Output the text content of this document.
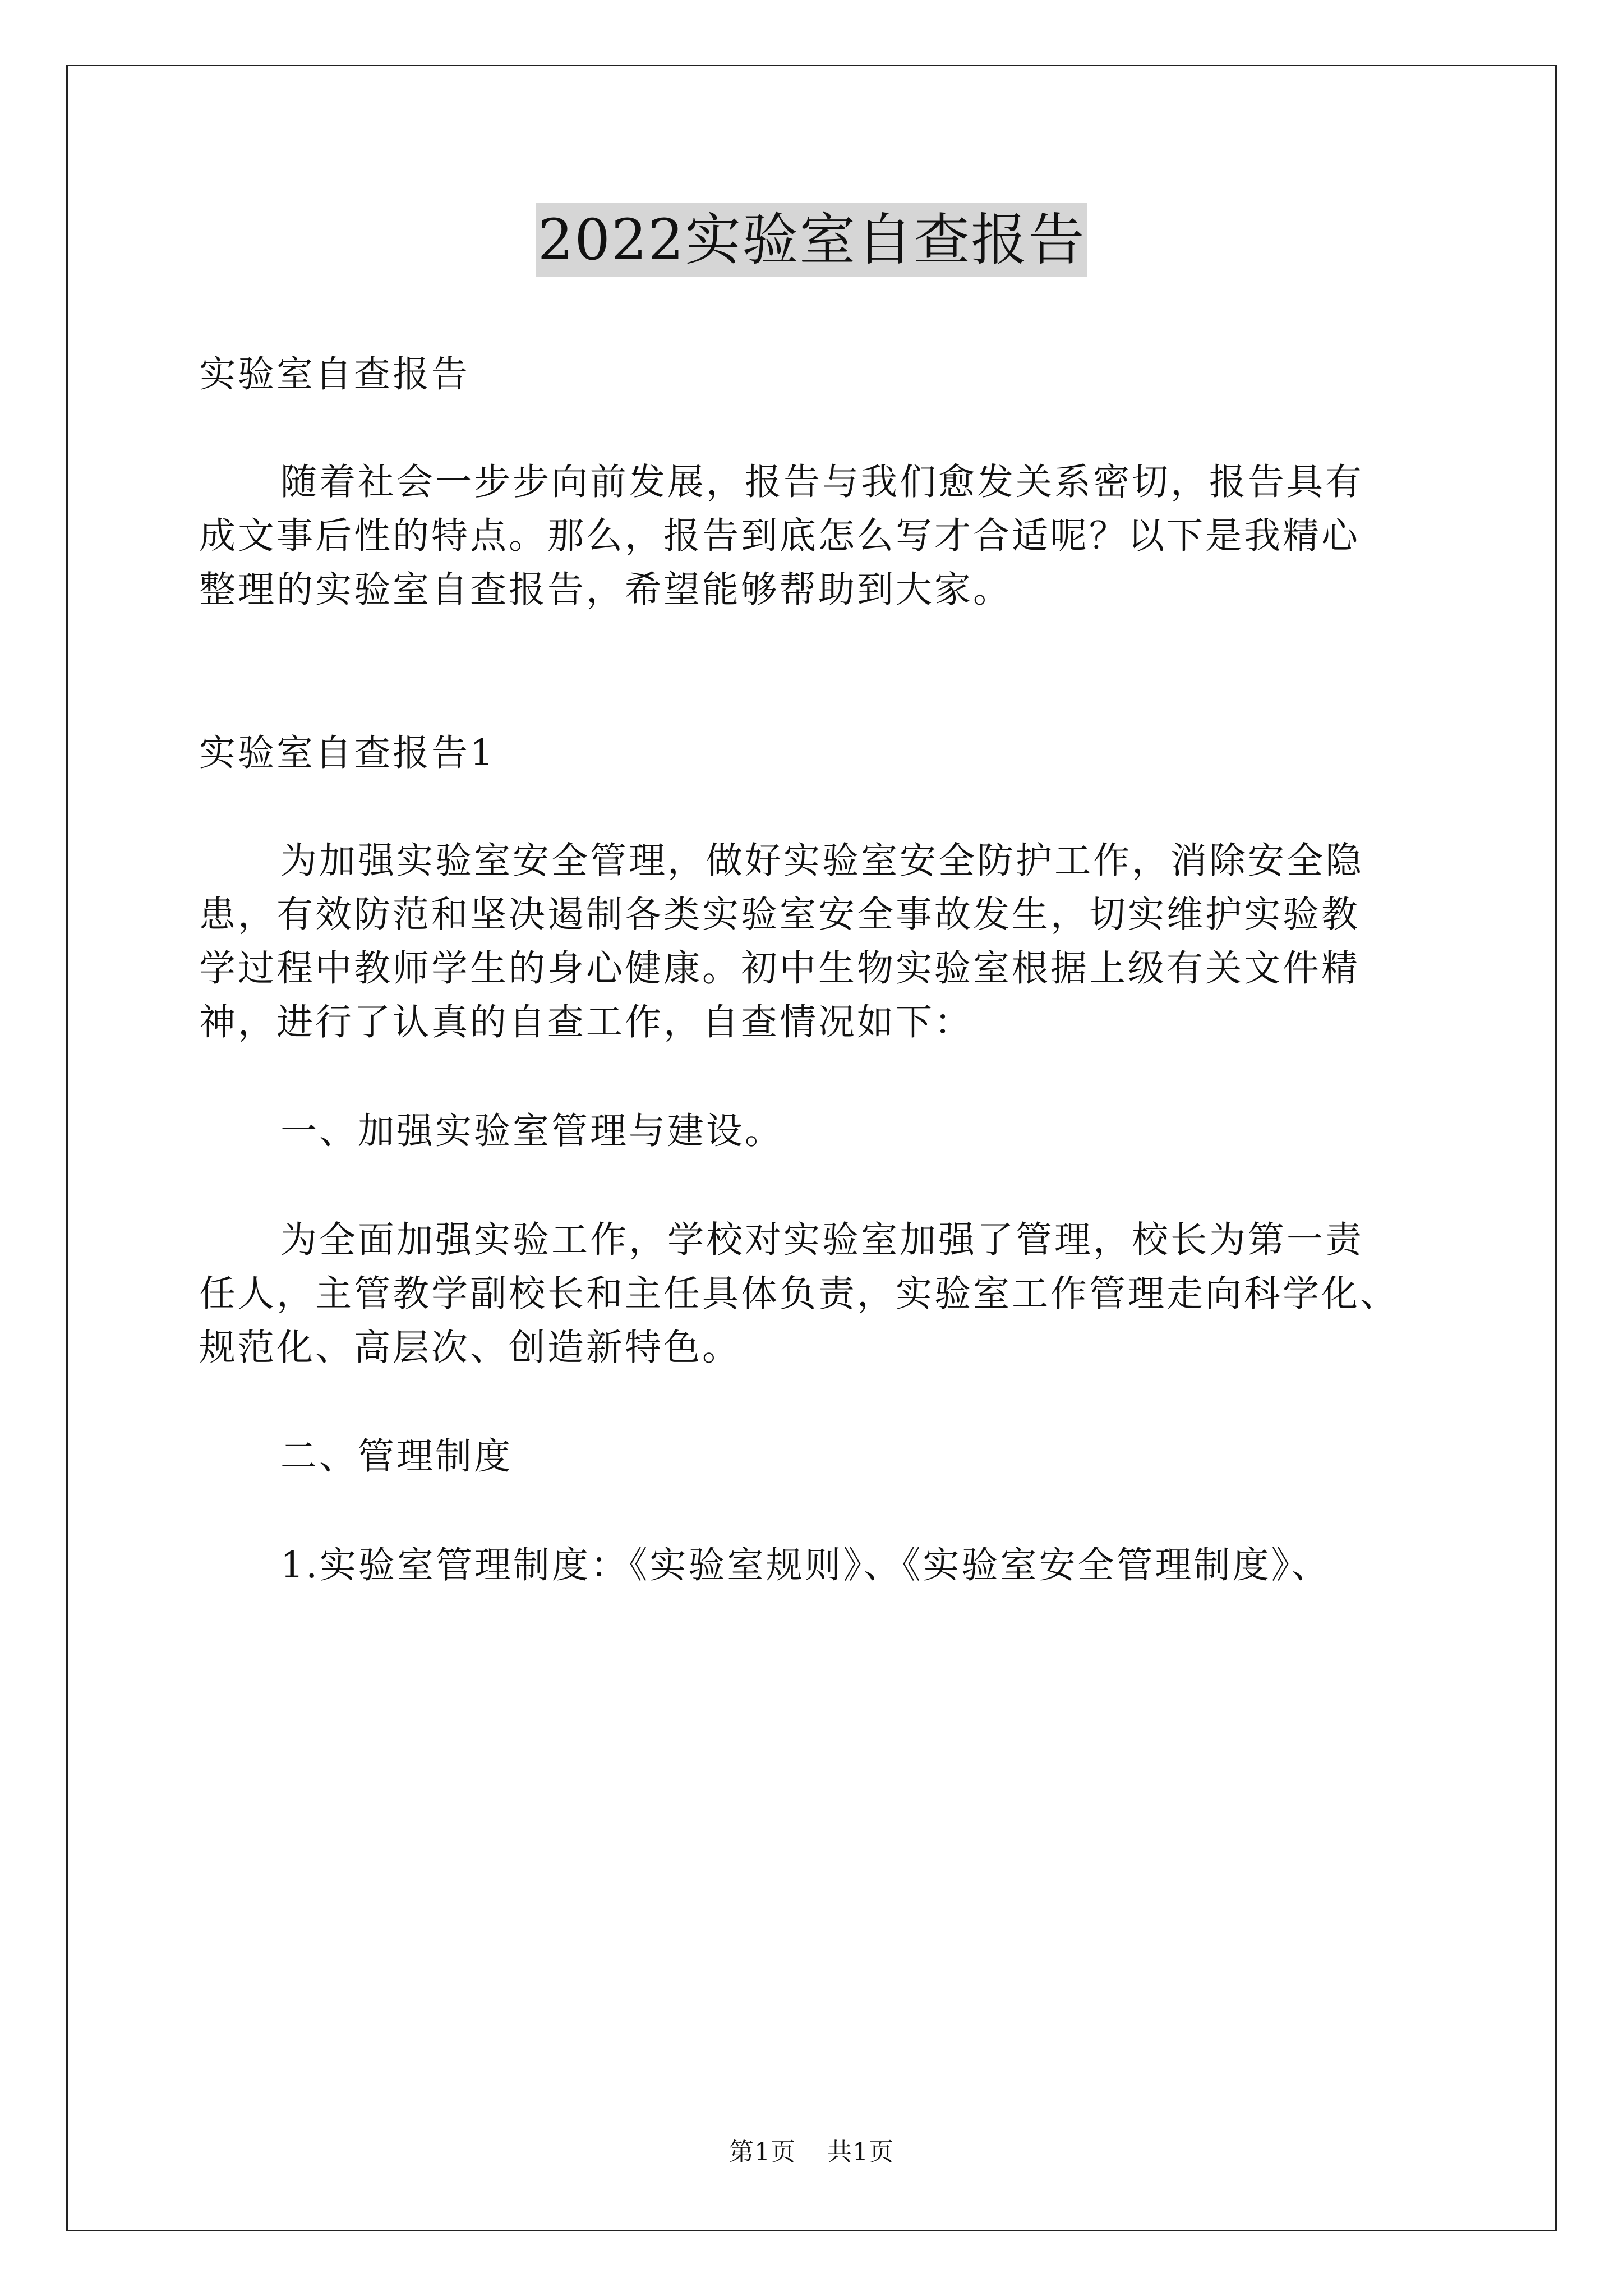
2022实验室自查报告
实验室自查报告
随着社会一步步向前发展，报告与我们愈发关系密切，报告具有
成文事后性的特点。那么，报告到底怎么写才合适呢？以下是我精心
整理的实验室自查报告，希望能够帮助到大家。
实验室自查报告1
为加强实验室安全管理，做好实验室安全防护工作，消除安全隐
患，有效防范和坚决遏制各类实验室安全事故发生，切实维护实验教
学过程中教师学生的身心健康。初中生物实验室根据上级有关文件精
神，进行了认真的自查工作，自查情况如下：
一、加强实验室管理与建设。
为全面加强实验工作，学校对实验室加强了管理，校长为第一责
任人，主管教学副校长和主任具体负责，实验室工作管理走向科学化、
规范化、高层次、创造新特色。
二、管理制度
1.实验室管理制度：《实验室规则》、《实验室安全管理制度》、
第1页 共1页
